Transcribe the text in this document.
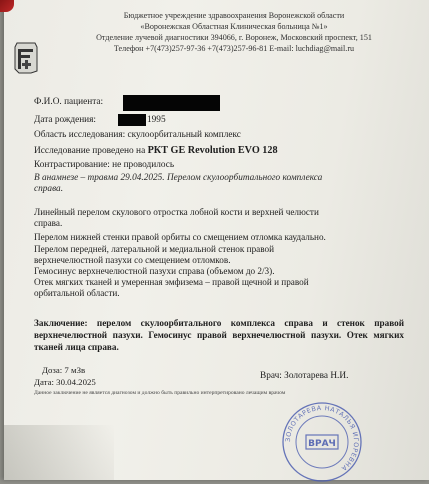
Бюджетное учреждение здравоохранения Воронежской области
«Воронежская Областная Клиническая больница №1»
Отделение лучевой диагностики 394066, г. Воронеж, Московский проспект, 151
Телефон +7(473)257-97-36 +7(473)257-96-81 E-mail: luchdiag@mail.ru
Ф.И.О. пациента:
Дата рождения:	1995
Область исследования: скулоорбитальный комплекс
Исследование проведено на РКТ GE Revolution EVO 128
Контрастирование: не проводилось
В анамнезе – травма 29.04.2025. Перелом скулоорбитального комплекса
справа.

Линейный перелом скулового отростка лобной кости и верхней челюсти
справа.

Перелом нижней стенки правой орбиты со смещением отломка каудально.

Перелом передней, латеральной и медиальной стенок правой
верхнечелюстной пазухи со смещением отломков.

Гемосинус верхнечелюстной пазухи справа (объемом до 2/3).

Отек мягких тканей и умеренная эмфизема – правой щечной и правой
орбитальной области.

Заключение: перелом скулоорбитального комплекса справа и стенок правой верхнечелюстной пазухи. Гемосинус правой верхнечелюстной пазухи. Отек мягких тканей лица справа.
Доза: 7 мЗв
Дата: 30.04.2025
Врач: Золотарева Н.И.
Данное заключение не является диагнозом и должно быть правильно интерпретировано лечащим врачом
ЗОЛОТАРЕВА НАТАЛЬЯ ИГОРЕВНА
ВРАЧ
